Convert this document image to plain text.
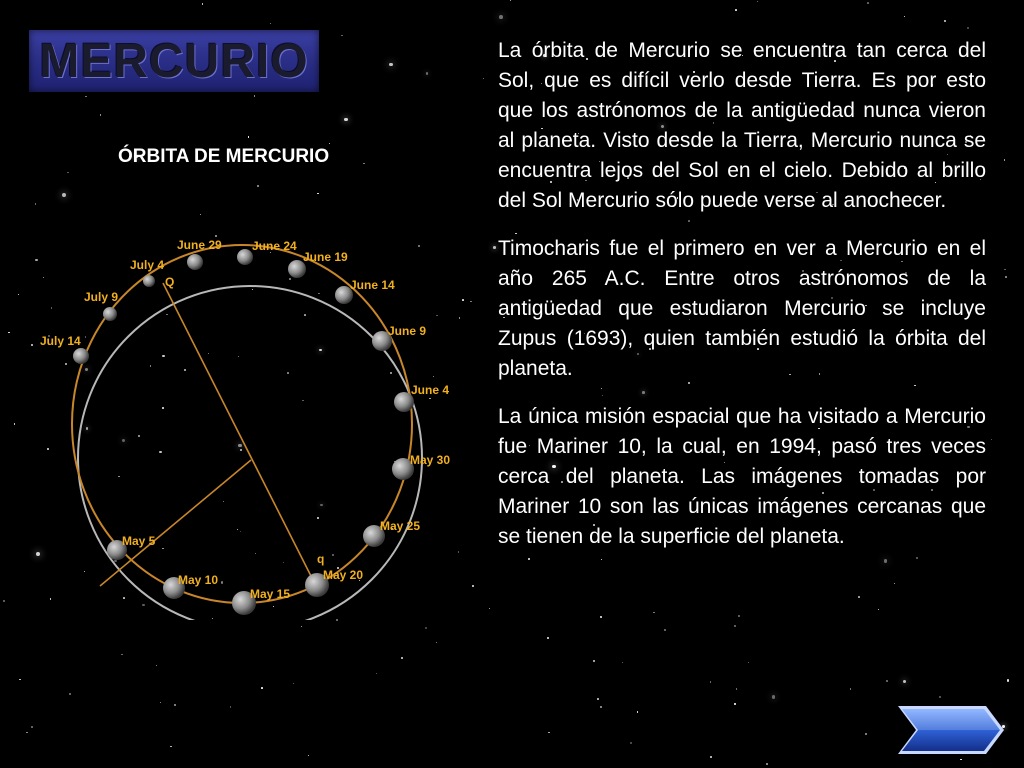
MERCURIO
ÓRBITA DE MERCURIO
June 29	June 24
June 19
June 14
June 9
June 4
May 30
May 25
May 20
May 15
May 10
May 5
July 14
July 9
July 4
Q
q

La órbita de Mercurio se encuentra tan cerca del Sol, que es difícil verlo desde Tierra. Es por esto que los astrónomos de la antigüedad nunca vieron al planeta. Visto desde la Tierra, Mercurio nunca se encuentra lejos del Sol en el cielo. Debido al brillo del Sol Mercurio sólo puede verse al anochecer.

Timocharis fue el primero en ver a Mercurio en el año 265 A.C. Entre otros astrónomos de la antigüedad que estudiaron Mercurio se incluye Zupus (1693), quien también estudió la órbita del planeta.

La única misión espacial que ha visitado a Mercurio fue Mariner 10, la cual, en 1994, pasó tres veces cerca del planeta. Las imágenes tomadas por Mariner 10 son las únicas imágenes cercanas que se tienen de la superficie del planeta.
